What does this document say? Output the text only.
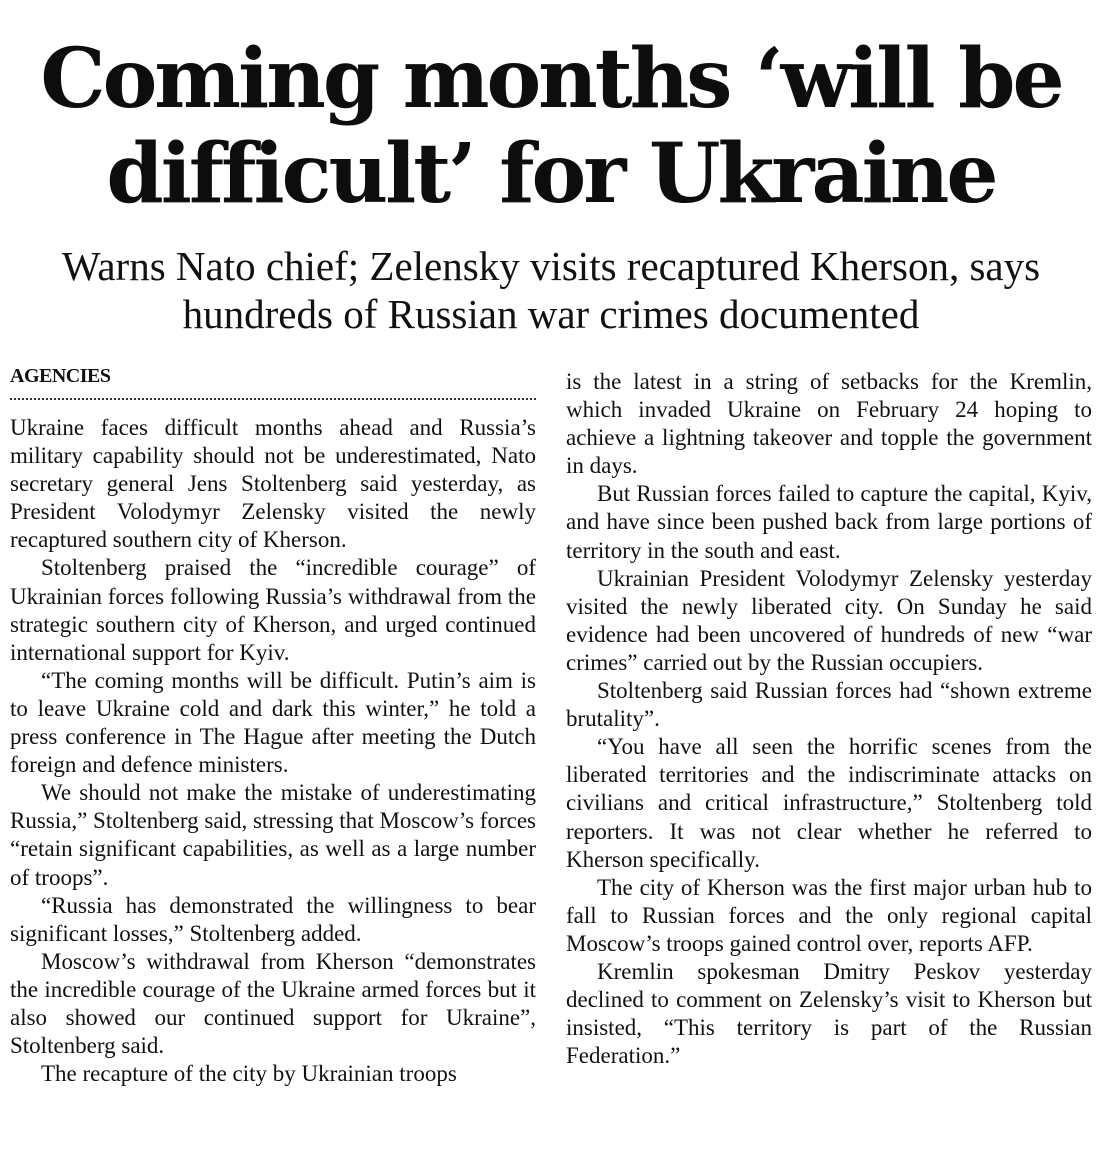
Coming months ‘will be difficult’ for Ukraine
Warns Nato chief; Zelensky visits recaptured Kherson, says hundreds of Russian war crimes documented
AGENCIES

Ukraine faces difficult months ahead and Russia’s military capability should not be underestimated, Nato secretary general Jens Stoltenberg said yesterday, as President Volodymyr Zelensky visited the newly recaptured southern city of Kherson.

Stoltenberg praised the “incredible courage” of Ukrainian forces following Russia’s withdrawal from the strategic southern city of Kherson, and urged continued international support for Kyiv.

“The coming months will be difficult. Putin’s aim is to leave Ukraine cold and dark this winter,” he told a press conference in The Hague after meeting the Dutch foreign and defence ministers.

We should not make the mistake of underestimating Russia,” Stoltenberg said, stressing that Moscow’s forces “retain significant capabilities, as well as a large number of troops”.

“Russia has demonstrated the willingness to bear significant losses,” Stoltenberg added.

Moscow’s withdrawal from Kherson “demonstrates the incredible courage of the Ukraine armed forces but it also showed our continued support for Ukraine”, Stoltenberg said.

The recapture of the city by Ukrainian troops

is the latest in a string of setbacks for the Kremlin, which invaded Ukraine on February 24 hoping to achieve a lightning takeover and topple the government in days.

But Russian forces failed to capture the capital, Kyiv, and have since been pushed back from large portions of territory in the south and east.

Ukrainian President Volodymyr Zelensky yesterday visited the newly liberated city. On Sunday he said evidence had been uncovered of hundreds of new “war crimes” carried out by the Russian occupiers.

Stoltenberg said Russian forces had “shown extreme brutality”.

“You have all seen the horrific scenes from the liberated territories and the indiscriminate attacks on civilians and critical infrastructure,” Stoltenberg told reporters. It was not clear whether he referred to Kherson specifically.

The city of Kherson was the first major urban hub to fall to Russian forces and the only regional capital Moscow’s troops gained control over, reports AFP.

Kremlin spokesman Dmitry Peskov yesterday declined to comment on Zelensky’s visit to Kherson but insisted, “This territory is part of the Russian Federation.”
